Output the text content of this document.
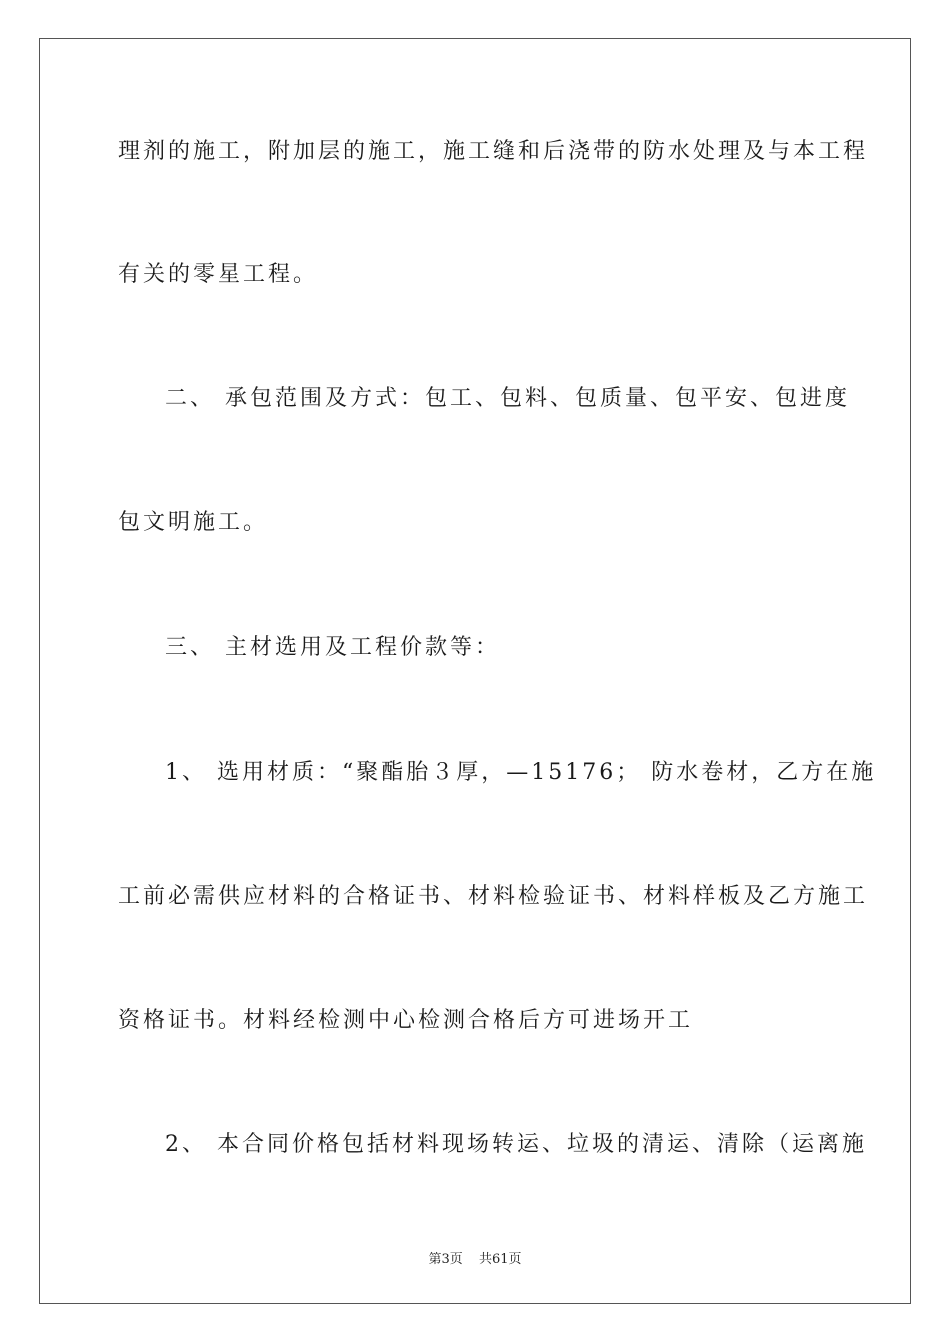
理剂的施工，附加层的施工，施工缝和后浇带的防水处理及与本工程
有关的零星工程。
二、 承包范围及方式：包工、包料、包质量、包平安、包进度
包文明施工。
三、 主材选用及工程价款等：
1、 选用材质：“聚酯胎３厚，—15176； 防水卷材，乙方在施
工前必需供应材料的合格证书、材料检验证书、材料样板及乙方施工
资格证书。材料经检测中心检测合格后方可进场开工
2、 本合同价格包括材料现场转运、垃圾的清运、清除（运离施
第3页 共61页
